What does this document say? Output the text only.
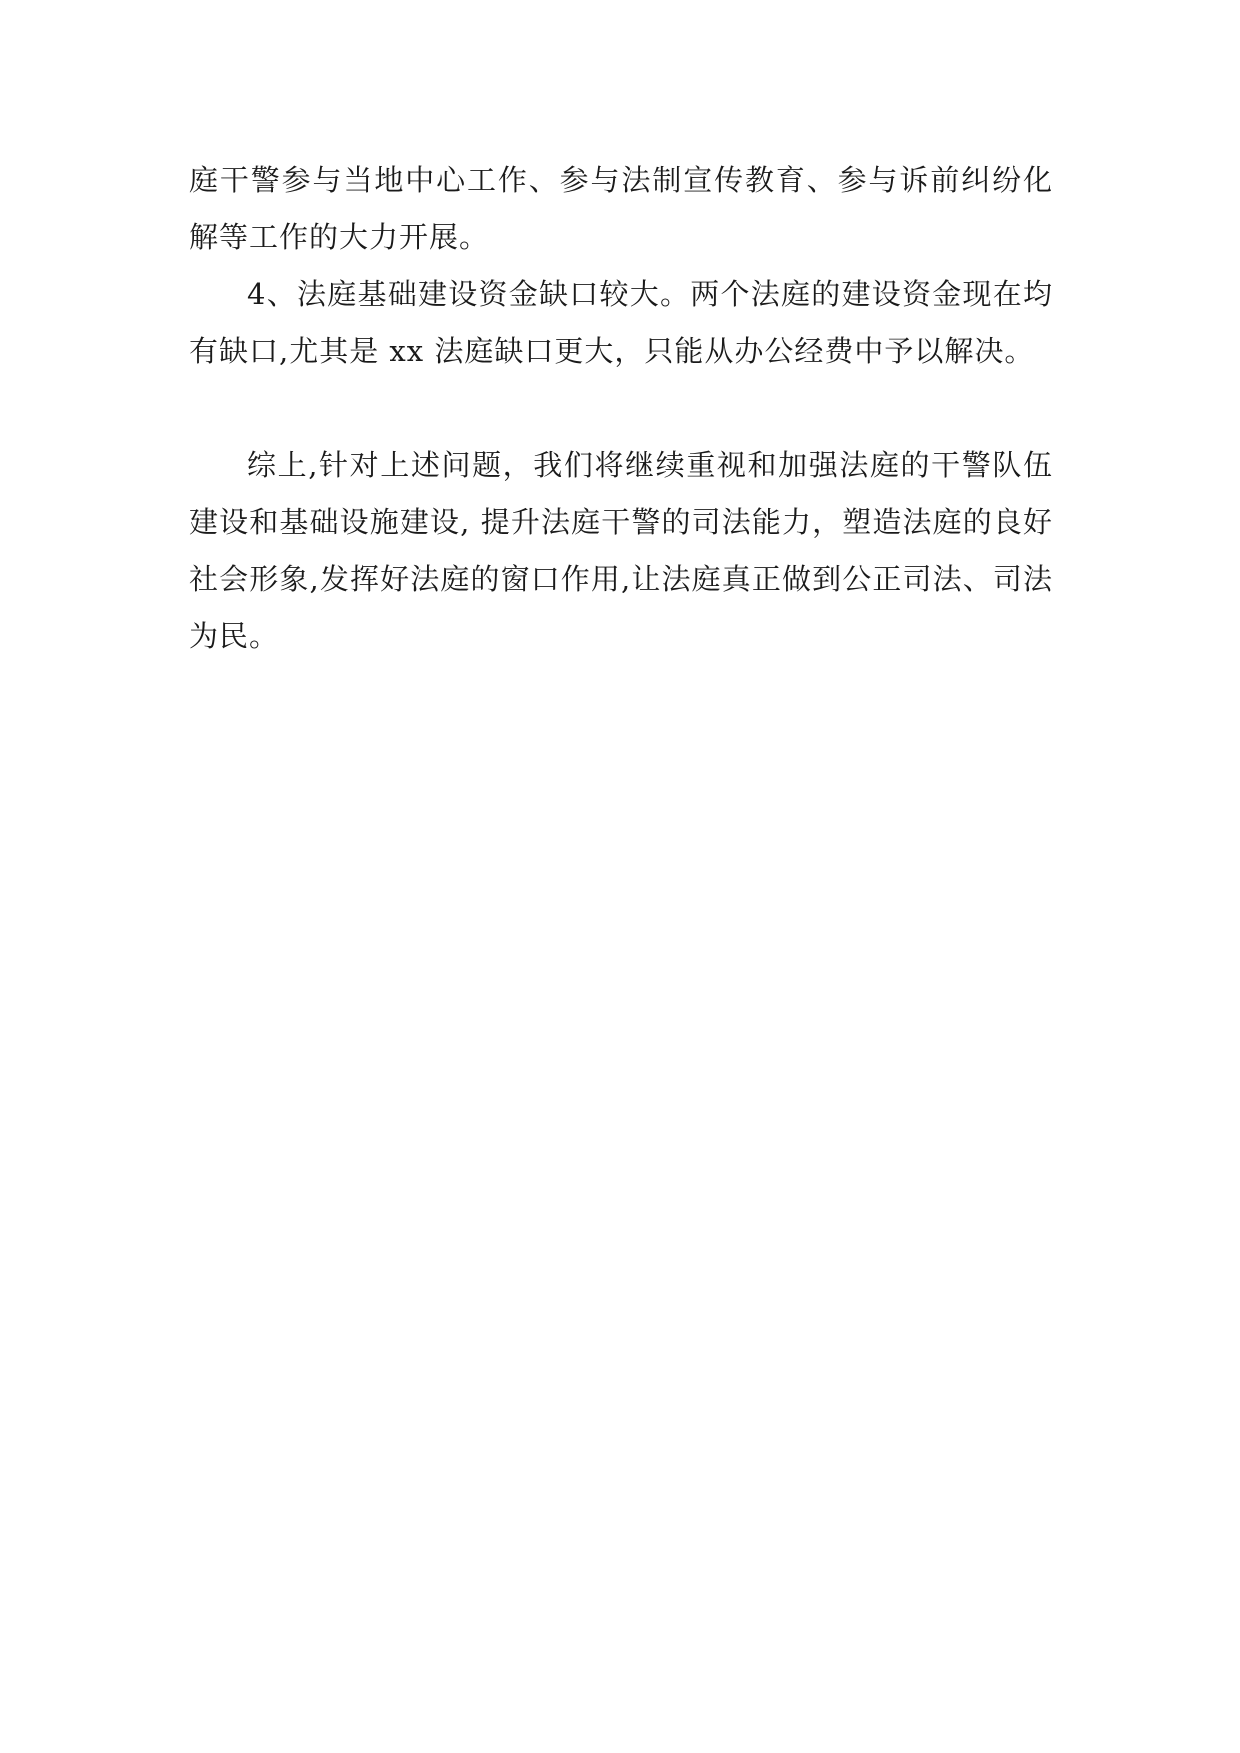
庭干警参与当地中心工作、参与法制宣传教育、参与诉前纠纷化解等工作的大力开展。

4、法庭基础建设资金缺口较大。两个法庭的建设资金现在均有缺口,尤其是 xx 法庭缺口更大，只能从办公经费中予以解决。

综上,针对上述问题，我们将继续重视和加强法庭的干警队伍建设和基础设施建设, 提升法庭干警的司法能力，塑造法庭的良好社会形象,发挥好法庭的窗口作用,让法庭真正做到公正司法、司法为民。
